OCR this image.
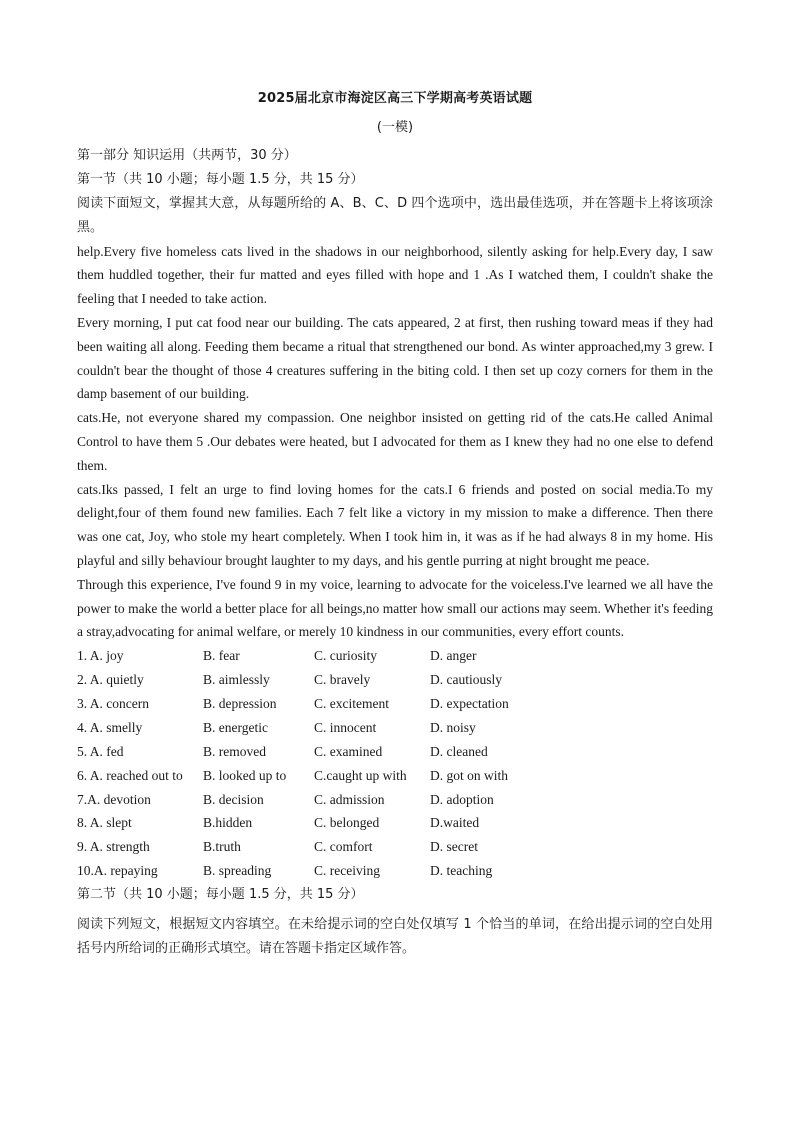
2025届北京市海淀区高三下学期高考英语试题
(一模)

第一部分 知识运用（共两节，30 分）

第一节（共 10 小题；每小题 1.5 分，共 15 分）

阅读下面短文，掌握其大意，从每题所给的 A、B、C、D 四个选项中，选出最佳选项，并在答题卡上将该项涂黑。

help.Every five homeless cats lived in the shadows in our neighborhood, silently asking for help.Every day, I saw them huddled together, their fur matted and eyes filled with hope and 1 .As I watched them, I couldn't shake the feeling that I needed to take action.

Every morning, I put cat food near our building. The cats appeared, 2 at first, then rushing toward meas if they had been waiting all along. Feeding them became a ritual that strengthened our bond. As winter approached,my 3 grew. I couldn't bear the thought of those 4 creatures suffering in the biting cold. I then set up cozy corners for them in the damp basement of our building.

cats.He, not everyone shared my compassion. One neighbor insisted on getting rid of the cats.He called Animal Control to have them 5 .Our debates were heated, but I advocated for them as I knew they had no one else to defend them.

cats.Iks passed, I felt an urge to find loving homes for the cats.I 6 friends and posted on social media.To my delight,four of them found new families. Each 7 felt like a victory in my mission to make a difference. Then there was one cat, Joy, who stole my heart completely. When I took him in, it was as if he had always 8 in my home. His playful and silly behaviour brought laughter to my days, and his gentle purring at night brought me peace.

Through this experience, I've found 9 in my voice, learning to advocate for the voiceless.I've learned we all have the power to make the world a better place for all beings,no matter how small our actions may seem. Whether it's feeding a stray,advocating for animal welfare, or merely 10 kindness in our communities, every effort counts.

1. A. joy	B. fear	C. curiosity	D. anger
2. A. quietly	B. aimlessly	C. bravely	D. cautiously
3. A. concern	B. depression	C. excitement	D. expectation
4. A. smelly	B. energetic	C. innocent	D. noisy
5. A. fed	B. removed	C. examined	D. cleaned
6. A. reached out to	B. looked up to	C.caught up with	D. got on with
7.A. devotion	B. decision	C. admission	D. adoption
8. A. slept	B.hidden	C. belonged	D.waited
9. A. strength	B.truth	C. comfort	D. secret
10.A. repaying	B. spreading	C. receiving	D. teaching

第二节（共 10 小题；每小题 1.5 分，共 15 分）

阅读下列短文，根据短文内容填空。在未给提示词的空白处仅填写 1 个恰当的单词，在给出提示词的空白处用括号内所给词的正确形式填空。请在答题卡指定区域作答。
